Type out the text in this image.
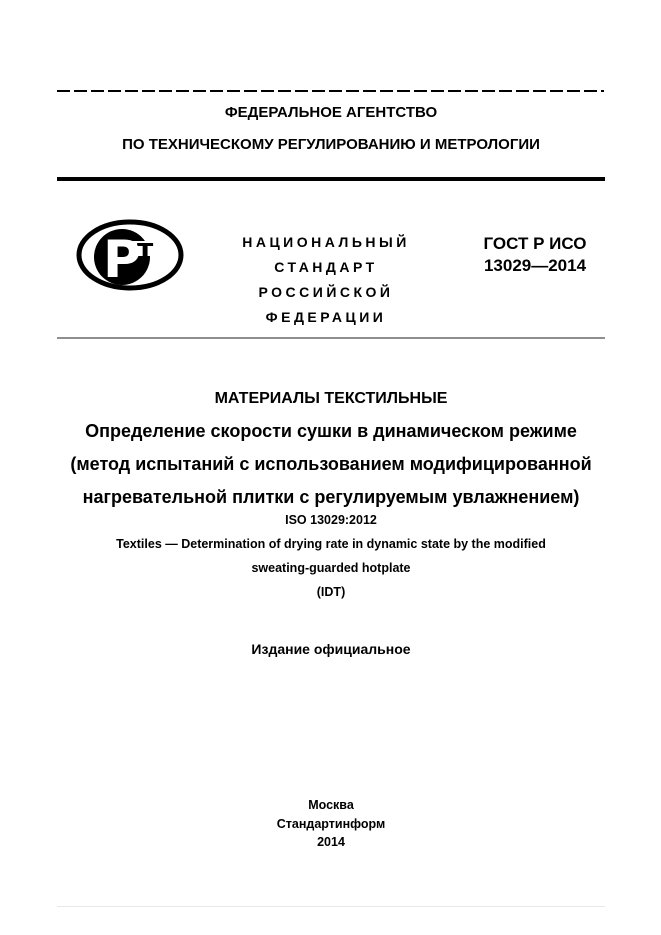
ФЕДЕРАЛЬНОЕ АГЕНТСТВО
ПО ТЕХНИЧЕСКОМУ РЕГУЛИРОВАНИЮ И МЕТРОЛОГИИ
т
Р	НАЦИОНАЛЬНЫЙ
СТАНДАРТ
РОССИЙСКОЙ
ФЕДЕРАЦИИ
ГОСТ Р ИСО
13029—2014
МАТЕРИАЛЫ ТЕКСТИЛЬНЫЕ
Определение скорости сушки в динамическом режиме
(метод испытаний с использованием модифицированной
нагревательной плитки с регулируемым увлажнением)
ISO 13029:2012
Textiles — Determination of drying rate in dynamic state by the modified
sweating-guarded hotplate
(IDT)
Издание официальное
Москва
Стандартинформ
2014
